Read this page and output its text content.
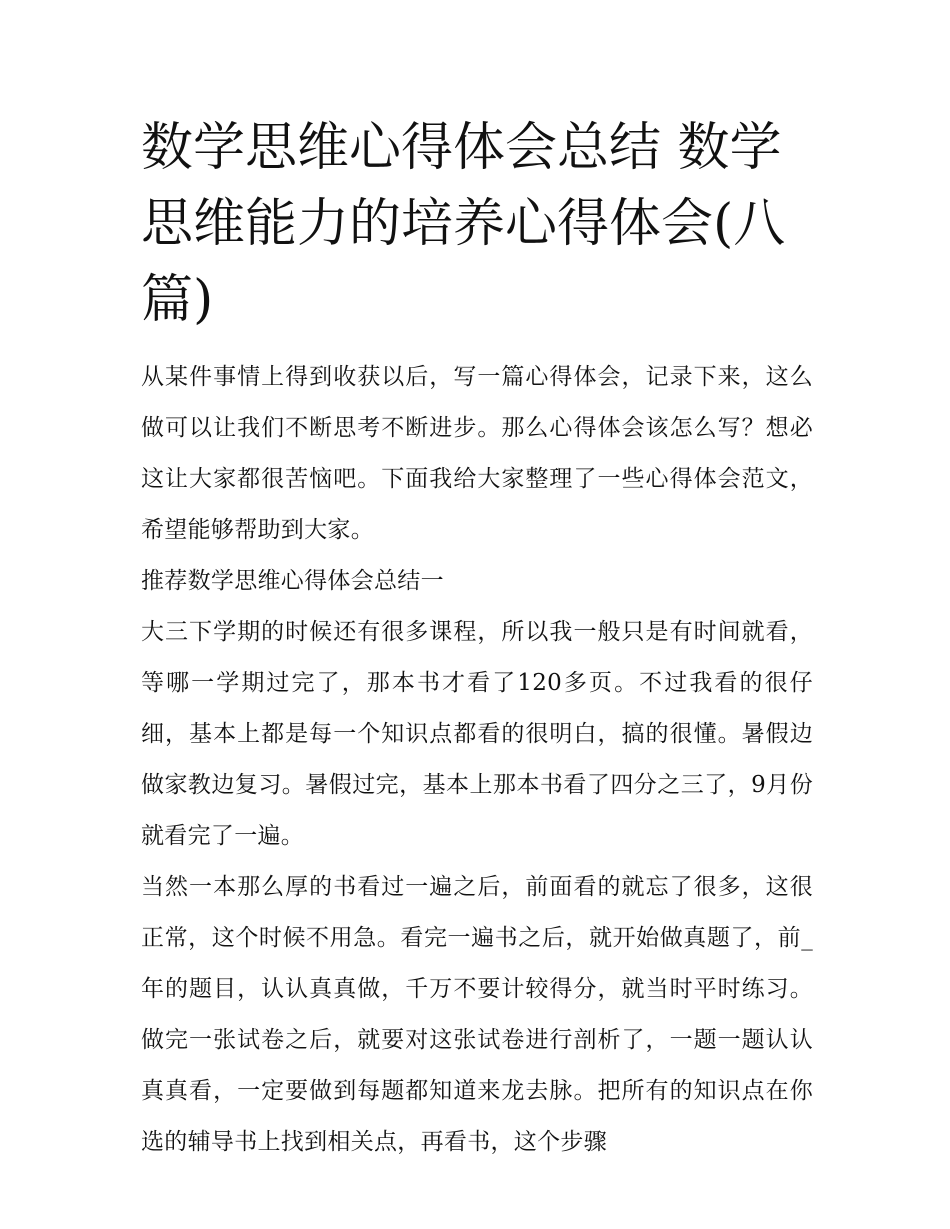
数学思维心得体会总结 数学思维能力的培养心得体会(八篇)

从某件事情上得到收获以后，写一篇心得体会，记录下来，这么做可以让我们不断思考不断进步。那么心得体会该怎么写？想必这让大家都很苦恼吧。下面我给大家整理了一些心得体会范文，希望能够帮助到大家。

推荐数学思维心得体会总结一

大三下学期的时候还有很多课程，所以我一般只是有时间就看，等哪一学期过完了，那本书才看了120多页。不过我看的很仔细，基本上都是每一个知识点都看的很明白，搞的很懂。暑假边做家教边复习。暑假过完，基本上那本书看了四分之三了，9月份就看完了一遍。

当然一本那么厚的书看过一遍之后，前面看的就忘了很多，这很正常，这个时候不用急。看完一遍书之后，就开始做真题了，前_年的题目，认认真真做，千万不要计较得分，就当时平时练习。做完一张试卷之后，就要对这张试卷进行剖析了，一题一题认认真真看，一定要做到每题都知道来龙去脉。把所有的知识点在你选的辅导书上找到相关点，再看书，这个步骤
